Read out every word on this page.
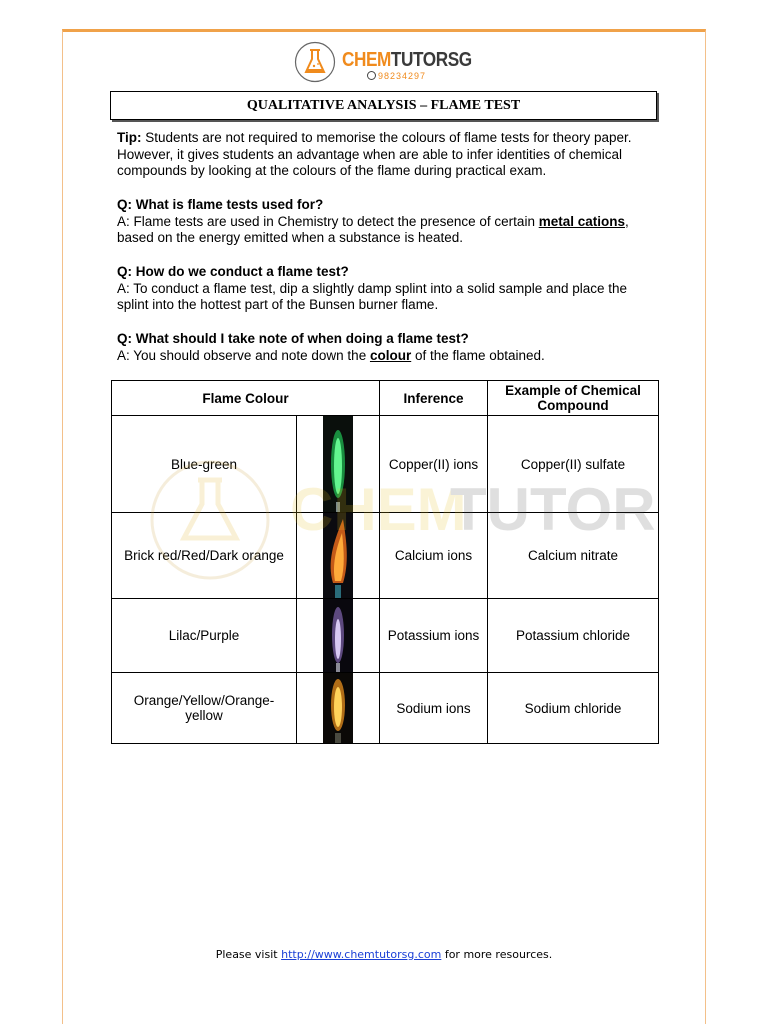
CHEMTUTORSG
98234297
QUALITATIVE ANALYSIS – FLAME TEST
Tip: Students are not required to memorise the colours of flame tests for theory paper. However, it gives students an advantage when are able to infer identities of chemical compounds by looking at the colours of the flame during practical exam.
Q: What is flame tests used for?
A: Flame tests are used in Chemistry to detect the presence of certain metal cations, based on the energy emitted when a substance is heated.
Q: How do we conduct a flame test?
A: To conduct a flame test, dip a slightly damp splint into a solid sample and place the splint into the hottest part of the Bunsen burner flame.
Q: What should I take note of when doing a flame test?
A: You should observe and note down the colour of the flame obtained.
Flame Colour		Inference	Example of Chemical Compound
Blue-green		Copper(II) ions	Copper(II) sulfate
Brick red/Red/Dark orange		Calcium ions	Calcium nitrate
Lilac/Purple		Potassium ions	Potassium chloride
Orange/Yellow/Orange-yellow		Sodium ions	Sodium chloride
TUTOR
Please visit http://www.chemtutorsg.com for more resources.
